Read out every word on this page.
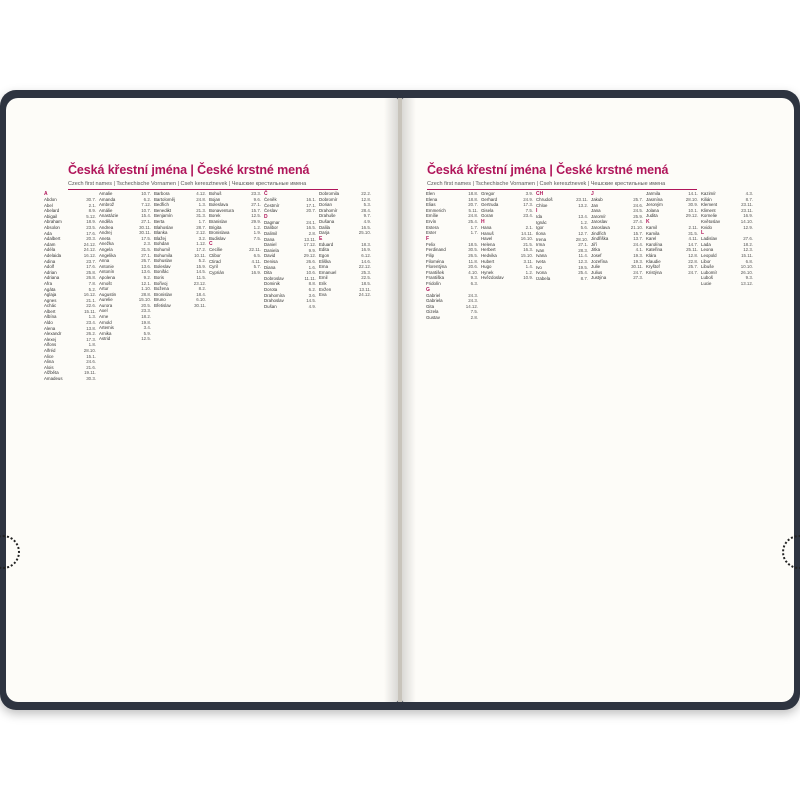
Česká křestní jména | České krstné mená
Czech first names | Tschechische Vornamen | Cseh keresztnevek | Чешские крестильные имена
A
Abdon	30.7.
Abel	2.1.
Abelard	8.9.
Abigail	5.12.
Abraham	18.9.
Absolon	23.5.
Ada	17.6.
Adalbert	20.3.
Adam	24.12.
Adéla	24.12.
Adelaida	16.12.
Adina	23.7.
Adolf	17.6.
Adrian	25.8.
Adriana	26.8.
Afra	7.8.
Agáta	5.2.
Aglaja	16.12.
Agnes	21.1.
Achác	22.6.
Albert	15.11.
Albína	1.3.
Aldo	23.4.
Alena	13.8.
Alexandr	26.2.
Alexej	17.3.
Alfons	1.8.
Alfréd	28.10.
Alice	15.1.
Alina	24.6.
Alois	21.6.
Alžběta	19.11.
Amadeus	30.3.
Amalie	10.7.
Amanda	6.2.
Ambrož	7.12.
Amálie	10.7.
Anastázie	15.4.
Anděla	27.1.
Andrea	30.11.
Andrej	30.11.
Aneta	17.5.
Anežka	2.3.
Angela	31.5.
Angelika	27.1.
Anna	26.7.
Antonie	13.6.
Antonín	13.6.
Apolena	9.2.
Arnošt	12.1.
Artur	1.10.
Augustin	28.8.
Aurelie	15.10.
Aurora	20.5.
Axel	23.3.
Arne	18.2.
Arnold	19.8.
Artemis	3.4.
Arnika	5.9.
Astrid	12.5.
Barbora	4.12.
Bartoloměj	24.8.
Bedřich	1.3.
Benedikt	21.3.
Benjamín	31.3.
Berta	1.7.
Blahoslav	28.7.
Blanka	2.12.
Blažej	3.2.
Bohdan	1.12.
Bohumil	17.2.
Bohumila	10.11.
Bohuslav	5.2.
Boleslav	15.9.
Bonifác	14.5.
Boris	11.5.
Bořivoj	23.12.
Božena	8.2.
Bronislav	18.4.
Bruno	6.10.
Břetislav	30.11.
Bohuš	23.3.
Bojan	9.6.
Boleslava	27.1.
Bonaventura	15.7.
Borek	12.5.
Branislav	29.9.
Brigita	1.2.
Bronislava	1.9.
Budislav	7.5.
C
Cecílie	22.11.
Ctibor	6.5.
Ctirad	4.11.
Cyril	5.7.
Cyprián	16.9.
Č
Čeněk	16.1.
Čestmír	17.1.
Česlav	20.7.
D
Dagmar	24.1.
Dalibor	16.5.
Dalimil	2.8.
Dana	13.11.
Daniel	17.12.
Daniela	9.9.
David	29.12.
Denisa	26.6.
Diana	1.6.
Dita	10.6.
Dobroslav	11.11.
Dominik	8.8.
Dorota	6.2.
Drahomíra	3.6.
Drahoslav	14.5.
Dušan	4.9.
Dobromila	22.2.
Dobromír	12.8.
Dorian	5.3.
Drahomír	28.4.
Drahuše	9.7.
Dušana	4.9.
Dalila	16.5.
Darja	25.10.
E
Eduard	18.3.
Edita	16.9.
Egon	6.12.
Eliška	14.6.
Ema	22.12.
Emanuel	25.3.
Emil	22.5.
Erik	18.5.
Evžen	13.11.
Eva	24.12.
Česká křestní jména | České krstné mená
Czech first names | Tschechische Vornamen | Cseh keresztnevek | Чешские крестильные имена
Elen	18.8.
Elena	18.8.
Elias	20.7.
Emmerich	5.11.
Emílie	24.8.
Ervín	25.4.
Estera	1.7.
Ester	1.7.
F
Felix	18.5.
Ferdinand	30.5.
Filip	26.5.
Filoména	11.8.
Florentýna	20.6.
František	4.10.
Františka	9.3.
Fridolín	6.3.
G
Gabriel	24.3.
Gabriela	24.3.
Gita	14.12.
Gizela	7.5.
Gustav	2.8.
Gregor	3.9.
Gerhard	24.9.
Gertruda	17.3.
Gisela	7.5.
Goran	23.4.
H
Hana	2.1.
Hanuš	14.11.
Havel	16.10.
Helena	21.5.
Herbert	16.3.
Hedvika	15.10.
Hubert	3.11.
Hugo	1.4.
Hynek	1.2.
Hvězdoslav	10.9.
CH
Chrudoš	23.11.
Chloe	13.2.
I
Ida	13.4.
Ignác	1.2.
Igor	5.6.
Ilona	12.7.
Irena	28.10.
Irma	27.1.
Ivan	28.3.
Ivana	11.4.
Iveta	12.3.
Ivo	19.5.
Ivona	25.4.
Izabela	8.7.
J
Jakub	25.7.
Jan	24.6.
Jana	24.5.
Jaromír	25.9.
Jaroslav	27.4.
Jaroslava	21.10.
Jindřich	15.7.
Jindřiška	13.7.
Jiří	24.4.
Jitka	4.1.
Josef	19.3.
Jozefína	19.3.
Julie	30.11.
Julius	24.7.
Justýna	27.3.
Jarmila	14.1.
Jasmína	28.10.
Jeroným	30.9.
Jolana	10.1.
Judita	29.12.
K
Kamil	2.11.
Kamila	31.5.
Karel	4.11.
Karolína	14.7.
Kateřina	25.11.
Klára	12.8.
Klaudie	22.8.
Kryštof	25.7.
Kristýna	24.7.
Kazimír	4.3.
Kilián	8.7.
Klement	23.11.
Kliment	23.11.
Kornelie	16.9.
Květoslav	14.10.
Kvido	12.9.
L
Ladislav	27.6.
Lada	18.2.
Leona	12.3.
Leopold	15.11.
Libor	6.8.
Libuše	10.10.
Lubomír	26.10.
Luboš	9.3.
Lucie	13.12.
